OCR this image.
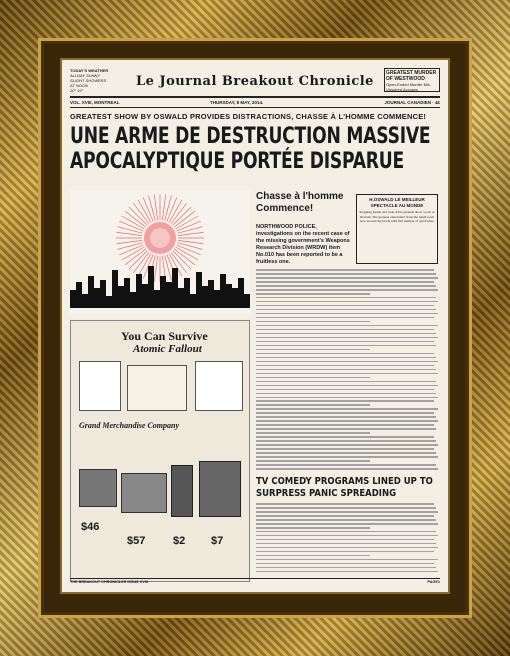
TODAY'S WEATHER
ALLDAY SUNNY
SLIGHT SHOWERS
AT NOON
20° 16°
Le Journal Breakout Chronicle
GREATEST MURDER OF WESTWOOD
Open-Ended Murder Mix-Unspired Accuses
VOL. XVIII, MONTREAL	THURSDAY, 8 MAY, 2014.	JOURNAL CANADIEN · 4£
GREATEST SHOW BY OSWALD PROVIDES DISTRACTIONS, CHASSE À L'HOMME COMMENCE!
UNE ARME DE DESTRUCTION MASSIVE
APOCALYPTIQUE PORTÉE DISPARUE
You Can Survive
Atomic Fallout
Grand Merchandise Company
$46
$57	$2 $7
Chasse à l'homme Commence!
NORTHWOOD POLICE, investigations on the recent case of the missing government's Weapons Research Division (WRDW) item No.010 has been reported to be a fruitless one.
H.OSWALD LE MEILLEUR SPECTACLE AU MONDE
Stepping inside and look at his greatest show so far at Oswald. The greatest entertainer from the small town now around the block with full number of spectacles.
TV COMEDY PROGRAMS LINED UP TO SURPRESS PANIC SPREADING
THE BREAKOUT CHRONICLES ISSUE XVIII	PAGE1
